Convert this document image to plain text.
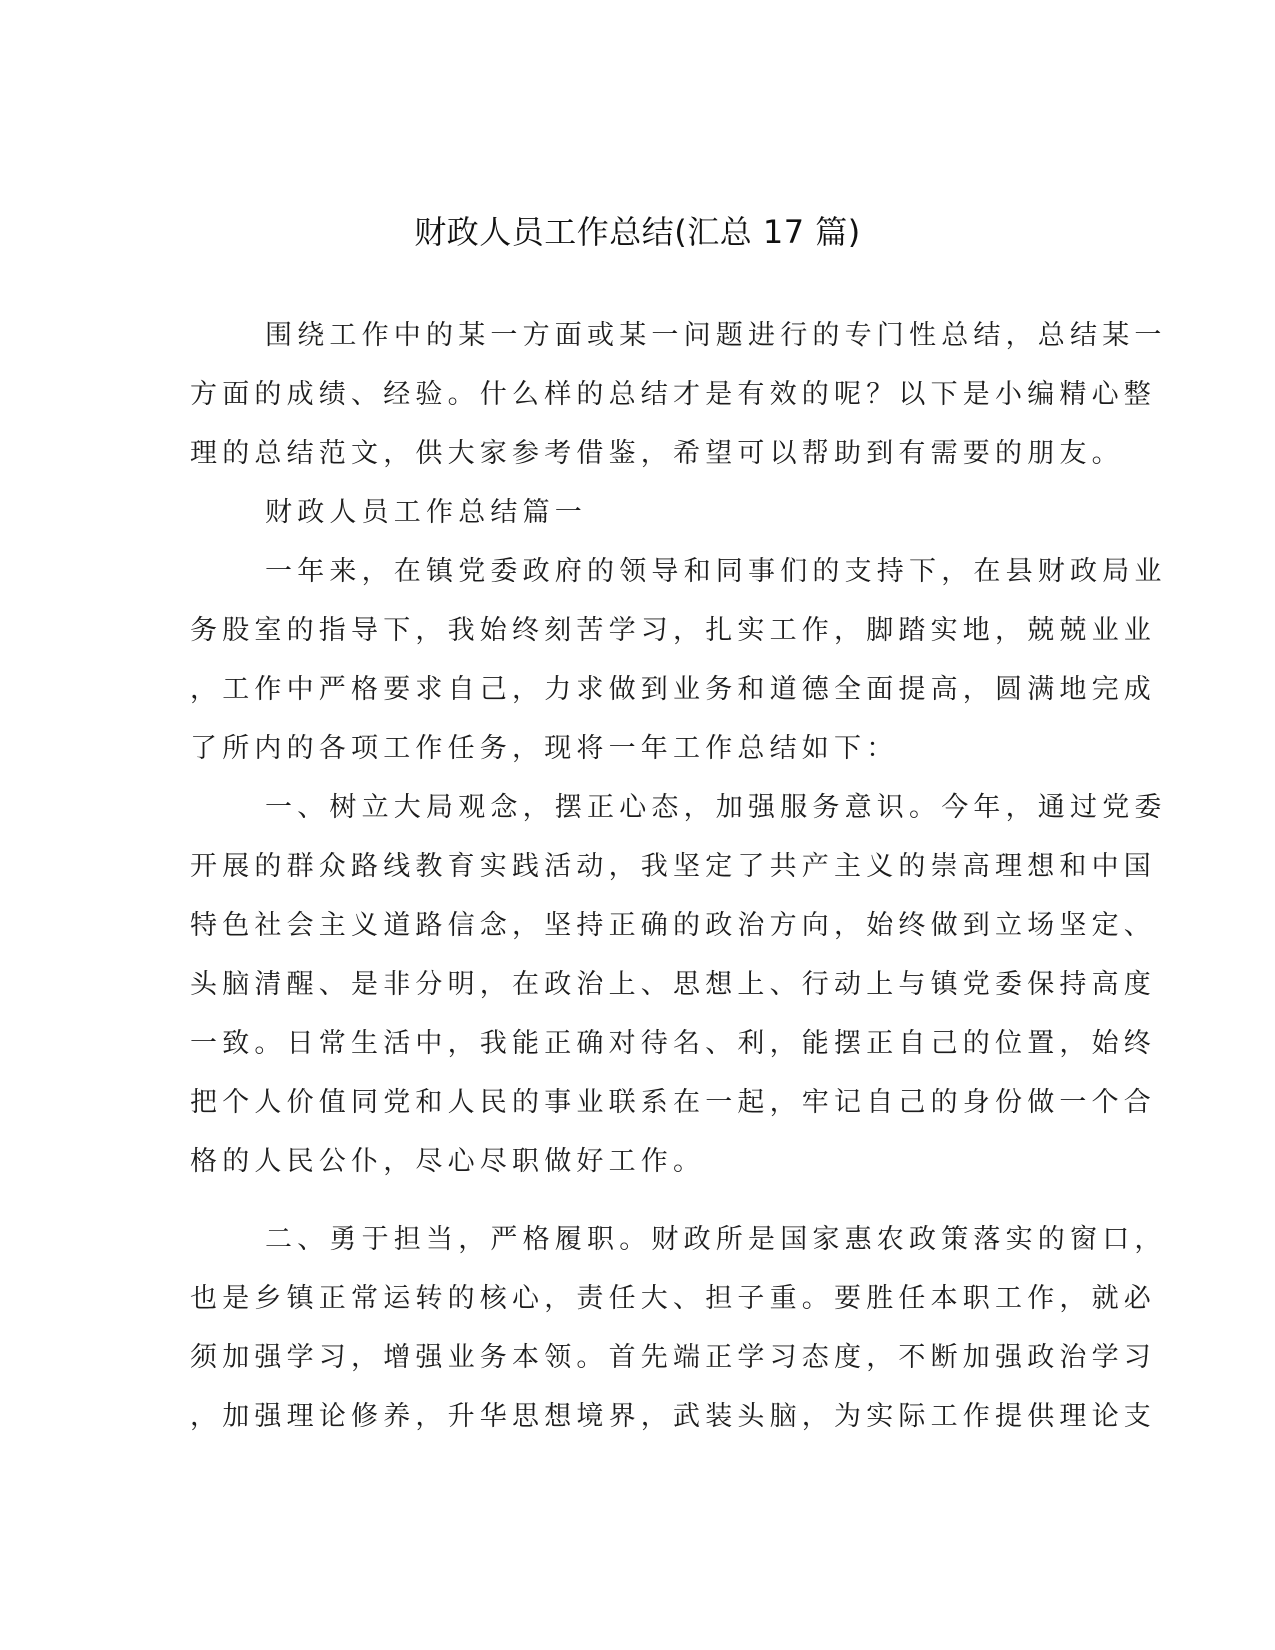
财政人员工作总结(汇总 17 篇)
围绕工作中的某一方面或某一问题进行的专门性总结，总结某一
方面的成绩、经验。什么样的总结才是有效的呢？以下是小编精心整
理的总结范文，供大家参考借鉴，希望可以帮助到有需要的朋友。
财政人员工作总结篇一
一年来，在镇党委政府的领导和同事们的支持下，在县财政局业
务股室的指导下，我始终刻苦学习，扎实工作，脚踏实地，兢兢业业
，工作中严格要求自己，力求做到业务和道德全面提高，圆满地完成
了所内的各项工作任务，现将一年工作总结如下：
一、树立大局观念，摆正心态，加强服务意识。今年，通过党委
开展的群众路线教育实践活动，我坚定了共产主义的崇高理想和中国
特色社会主义道路信念，坚持正确的政治方向，始终做到立场坚定、
头脑清醒、是非分明，在政治上、思想上、行动上与镇党委保持高度
一致。日常生活中，我能正确对待名、利，能摆正自己的位置，始终
把个人价值同党和人民的事业联系在一起，牢记自己的身份做一个合
格的人民公仆，尽心尽职做好工作。
二、勇于担当，严格履职。财政所是国家惠农政策落实的窗口，
也是乡镇正常运转的核心，责任大、担子重。要胜任本职工作，就必
须加强学习，增强业务本领。首先端正学习态度，不断加强政治学习
，加强理论修养，升华思想境界，武装头脑，为实际工作提供理论支
